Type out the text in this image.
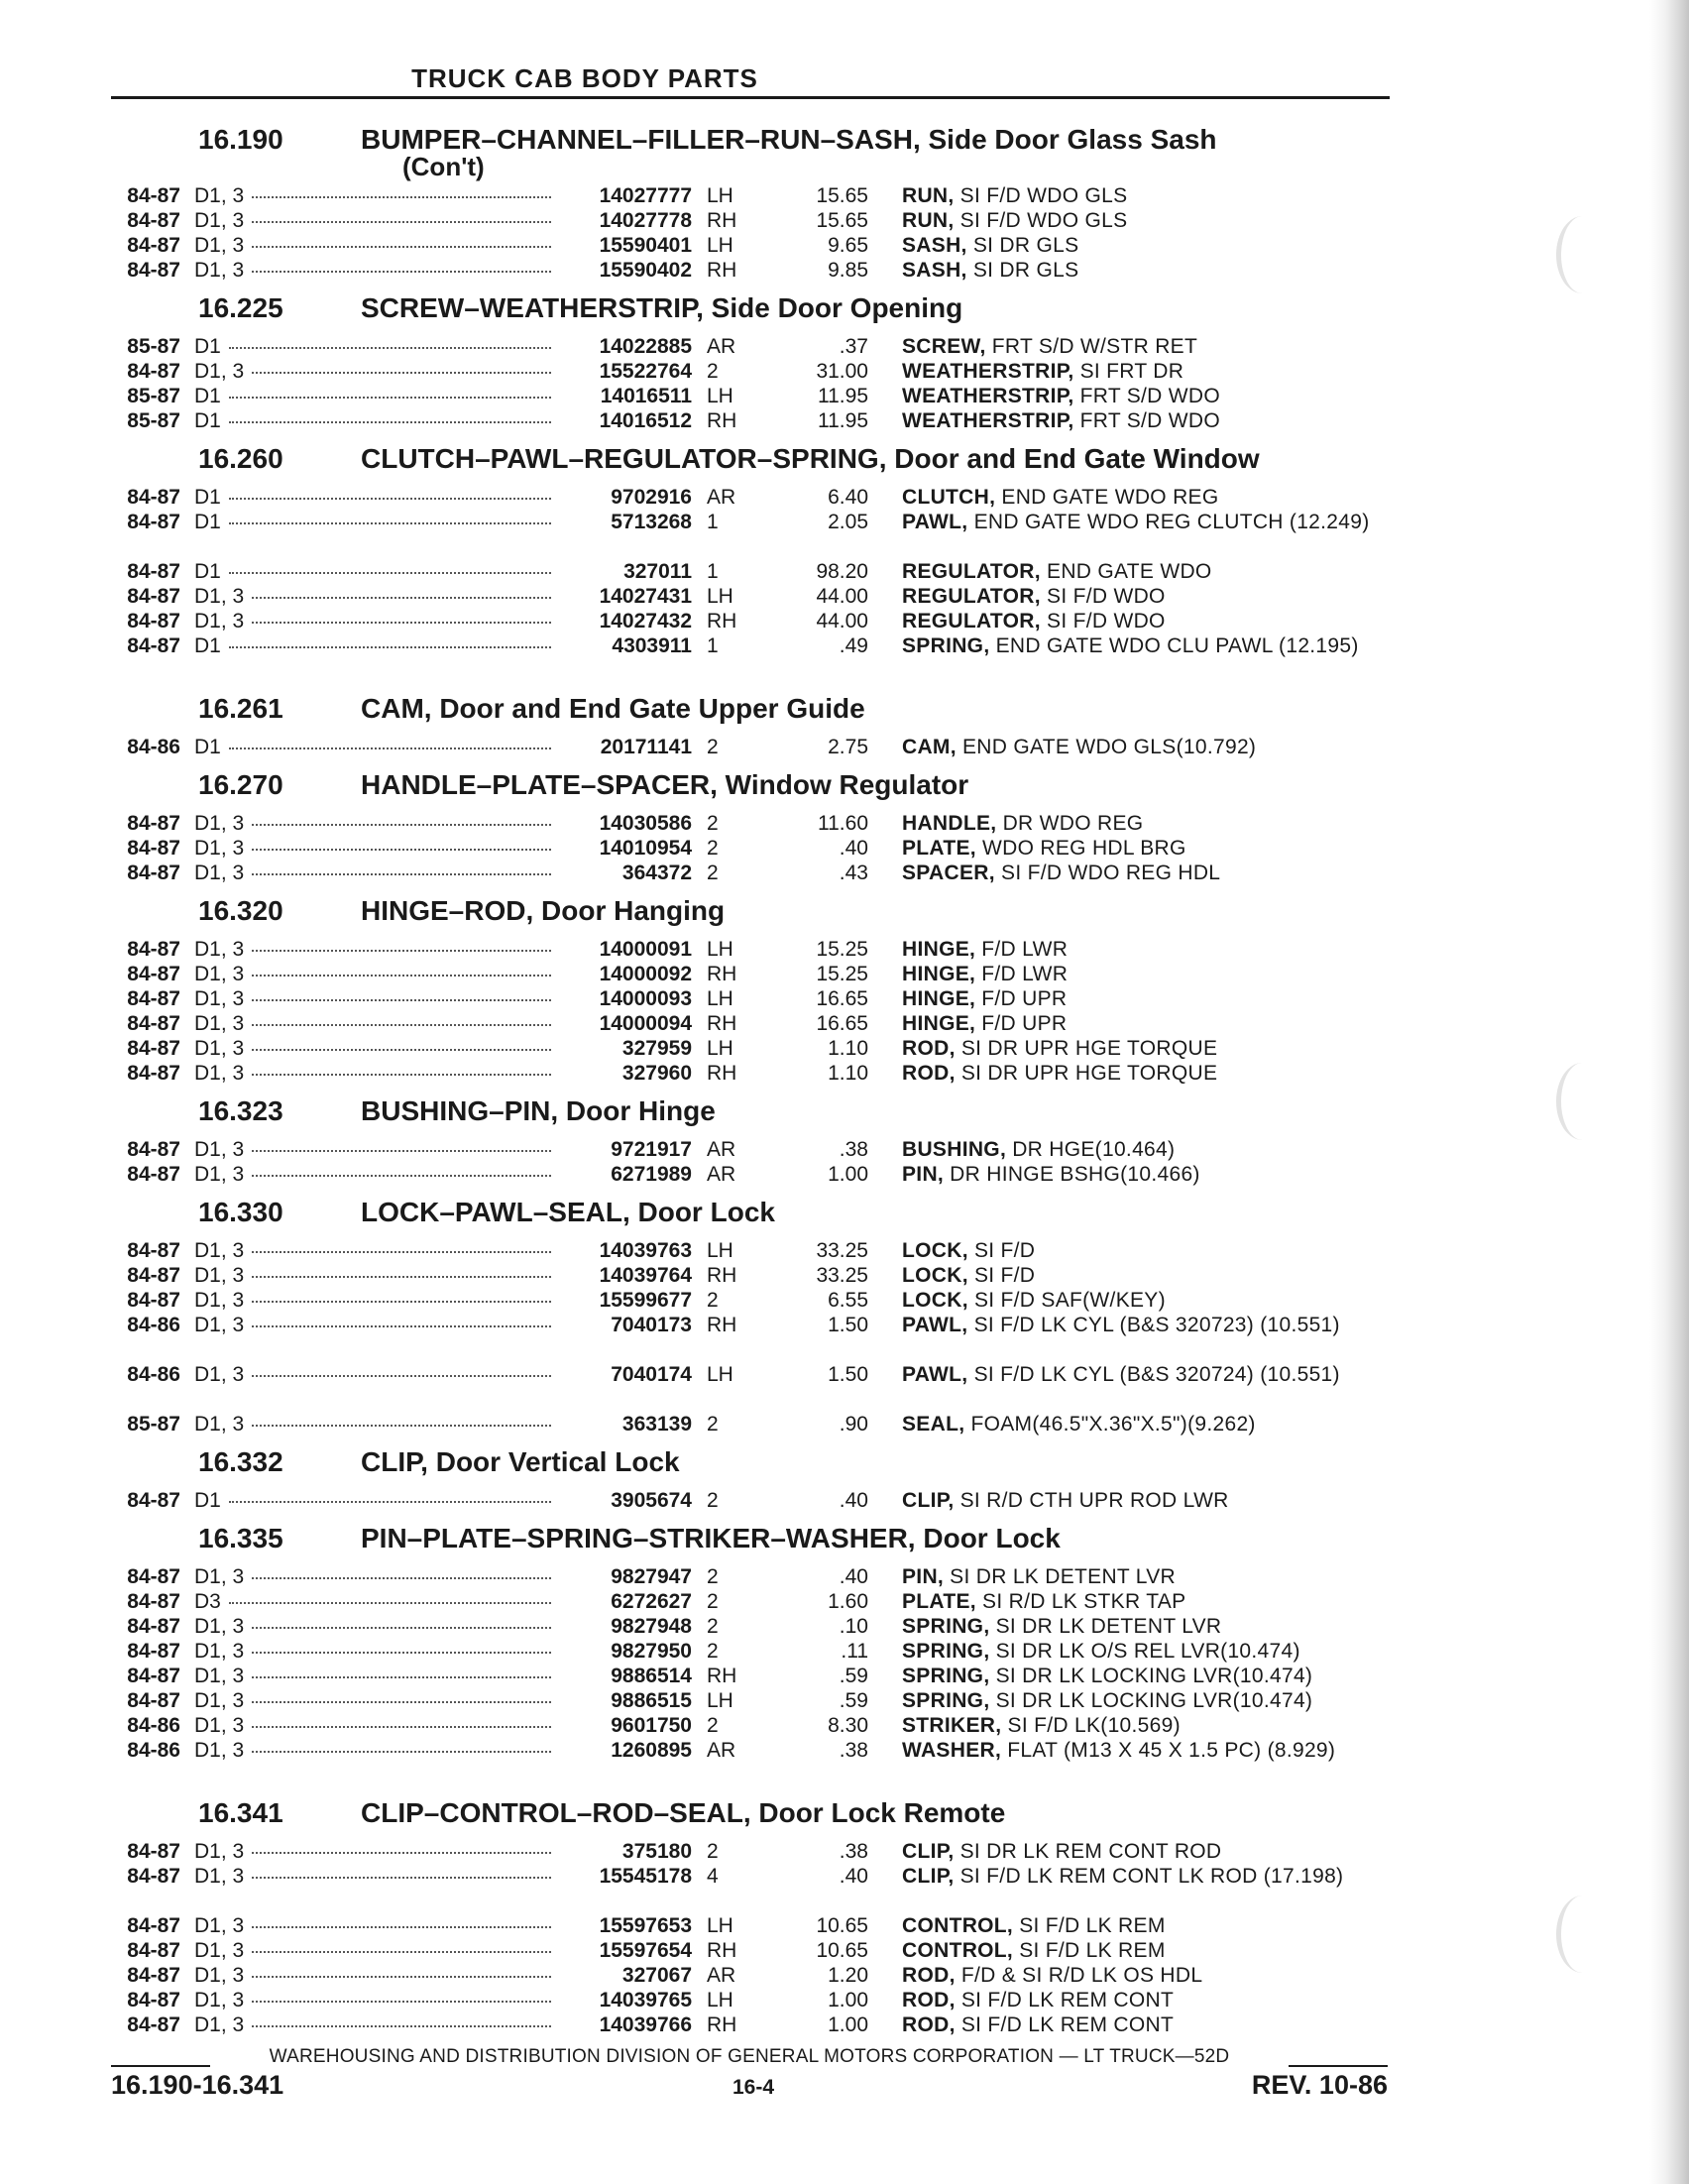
TRUCK CAB BODY PARTS
16.190	BUMPER–CHANNEL–FILLER–RUN–SASH, Side Door Glass Sash
(Con't)
84-87 D1, 3	14027777 LH	15.65 RUN, SI F/D WDO GLS
84-87 D1, 3	14027778 RH	15.65 RUN, SI F/D WDO GLS
84-87 D1, 3	15590401 LH	9.65 SASH, SI DR GLS
84-87 D1, 3	15590402 RH	9.85 SASH, SI DR GLS
16.225	SCREW–WEATHERSTRIP, Side Door Opening
85-87 D1	14022885 AR	.37 SCREW, FRT S/D W/STR RET
84-87 D1, 3	15522764 2	31.00 WEATHERSTRIP, SI FRT DR
85-87 D1	14016511 LH	11.95 WEATHERSTRIP, FRT S/D WDO
85-87 D1	14016512 RH	11.95 WEATHERSTRIP, FRT S/D WDO
16.260	CLUTCH–PAWL–REGULATOR–SPRING, Door and End Gate Window
84-87 D1	9702916 AR	6.40 CLUTCH, END GATE WDO REG
84-87 D1	5713268 1	2.05 PAWL, END GATE WDO REG CLUTCH (12.249)
84-87 D1	327011 1	98.20 REGULATOR, END GATE WDO
84-87 D1, 3	14027431 LH	44.00 REGULATOR, SI F/D WDO
84-87 D1, 3	14027432 RH	44.00 REGULATOR, SI F/D WDO
84-87 D1	4303911 1	.49 SPRING, END GATE WDO CLU PAWL (12.195)
16.261	CAM, Door and End Gate Upper Guide
84-86 D1	20171141 2	2.75 CAM, END GATE WDO GLS(10.792)
16.270	HANDLE–PLATE–SPACER, Window Regulator
84-87 D1, 3	14030586 2	11.60 HANDLE, DR WDO REG
84-87 D1, 3	14010954 2	.40 PLATE, WDO REG HDL BRG
84-87 D1, 3	364372 2	.43 SPACER, SI F/D WDO REG HDL
16.320	HINGE–ROD, Door Hanging
84-87 D1, 3	14000091 LH	15.25 HINGE, F/D LWR
84-87 D1, 3	14000092 RH	15.25 HINGE, F/D LWR
84-87 D1, 3	14000093 LH	16.65 HINGE, F/D UPR
84-87 D1, 3	14000094 RH	16.65 HINGE, F/D UPR
84-87 D1, 3	327959 LH	1.10 ROD, SI DR UPR HGE TORQUE
84-87 D1, 3	327960 RH	1.10 ROD, SI DR UPR HGE TORQUE
16.323	BUSHING–PIN, Door Hinge
84-87 D1, 3	9721917 AR	.38 BUSHING, DR HGE(10.464)
84-87 D1, 3	6271989 AR	1.00 PIN, DR HINGE BSHG(10.466)
16.330	LOCK–PAWL–SEAL, Door Lock
84-87 D1, 3	14039763 LH	33.25 LOCK, SI F/D
84-87 D1, 3	14039764 RH	33.25 LOCK, SI F/D
84-87 D1, 3	15599677 2	6.55 LOCK, SI F/D SAF(W/KEY)
84-86 D1, 3	7040173 RH	1.50 PAWL, SI F/D LK CYL (B&S 320723) (10.551)
84-86 D1, 3	7040174 LH	1.50 PAWL, SI F/D LK CYL (B&S 320724) (10.551)
85-87 D1, 3	363139 2	.90 SEAL, FOAM(46.5"X.36"X.5")(9.262)
16.332	CLIP, Door Vertical Lock
84-87 D1	3905674 2	.40 CLIP, SI R/D CTH UPR ROD LWR
16.335	PIN–PLATE–SPRING–STRIKER–WASHER, Door Lock
84-87 D1, 3	9827947 2	.40 PIN, SI DR LK DETENT LVR
84-87 D3	6272627 2	1.60 PLATE, SI R/D LK STKR TAP
84-87 D1, 3	9827948 2	.10 SPRING, SI DR LK DETENT LVR
84-87 D1, 3	9827950 2	.11 SPRING, SI DR LK O/S REL LVR(10.474)
84-87 D1, 3	9886514 RH	.59 SPRING, SI DR LK LOCKING LVR(10.474)
84-87 D1, 3	9886515 LH	.59 SPRING, SI DR LK LOCKING LVR(10.474)
84-86 D1, 3	9601750 2	8.30 STRIKER, SI F/D LK(10.569)
84-86 D1, 3	1260895 AR	.38 WASHER, FLAT (M13 X 45 X 1.5 PC) (8.929)
16.341	CLIP–CONTROL–ROD–SEAL, Door Lock Remote
84-87 D1, 3	375180 2	.38 CLIP, SI DR LK REM CONT ROD
84-87 D1, 3	15545178 4	.40 CLIP, SI F/D LK REM CONT LK ROD (17.198)
84-87 D1, 3	15597653 LH	10.65 CONTROL, SI F/D LK REM
84-87 D1, 3	15597654 RH	10.65 CONTROL, SI F/D LK REM
84-87 D1, 3	327067 AR	1.20 ROD, F/D & SI R/D LK OS HDL
84-87 D1, 3	14039765 LH	1.00 ROD, SI F/D LK REM CONT
84-87 D1, 3	14039766 RH	1.00 ROD, SI F/D LK REM CONT
WAREHOUSING AND DISTRIBUTION DIVISION OF GENERAL MOTORS CORPORATION — LT TRUCK—52D
16.190-16.341	16-4	REV. 10-86
